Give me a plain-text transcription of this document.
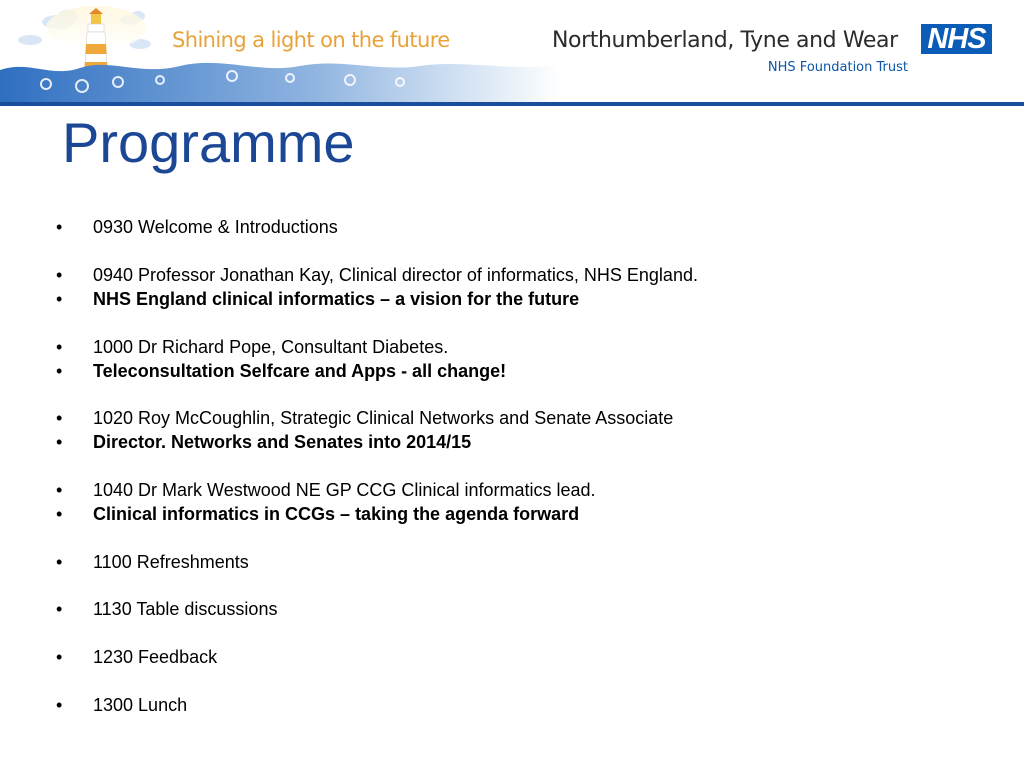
Shining a light on the future	Northumberland, Tyne and Wear NHS
NHS Foundation Trust
Programme
• 0930 Welcome & Introductions
• 0940 Professor Jonathan Kay, Clinical director of informatics, NHS England.
• NHS England clinical informatics – a vision for the future
• 1000 Dr Richard Pope, Consultant Diabetes.
• Teleconsultation Selfcare and Apps - all change!
• 1020 Roy McCoughlin, Strategic Clinical Networks and Senate Associate
• Director. Networks and Senates into 2014/15
• 1040 Dr Mark Westwood NE GP CCG Clinical informatics lead.
• Clinical informatics in CCGs – taking the agenda forward
• 1100 Refreshments
• 1130 Table discussions
• 1230 Feedback
• 1300 Lunch
